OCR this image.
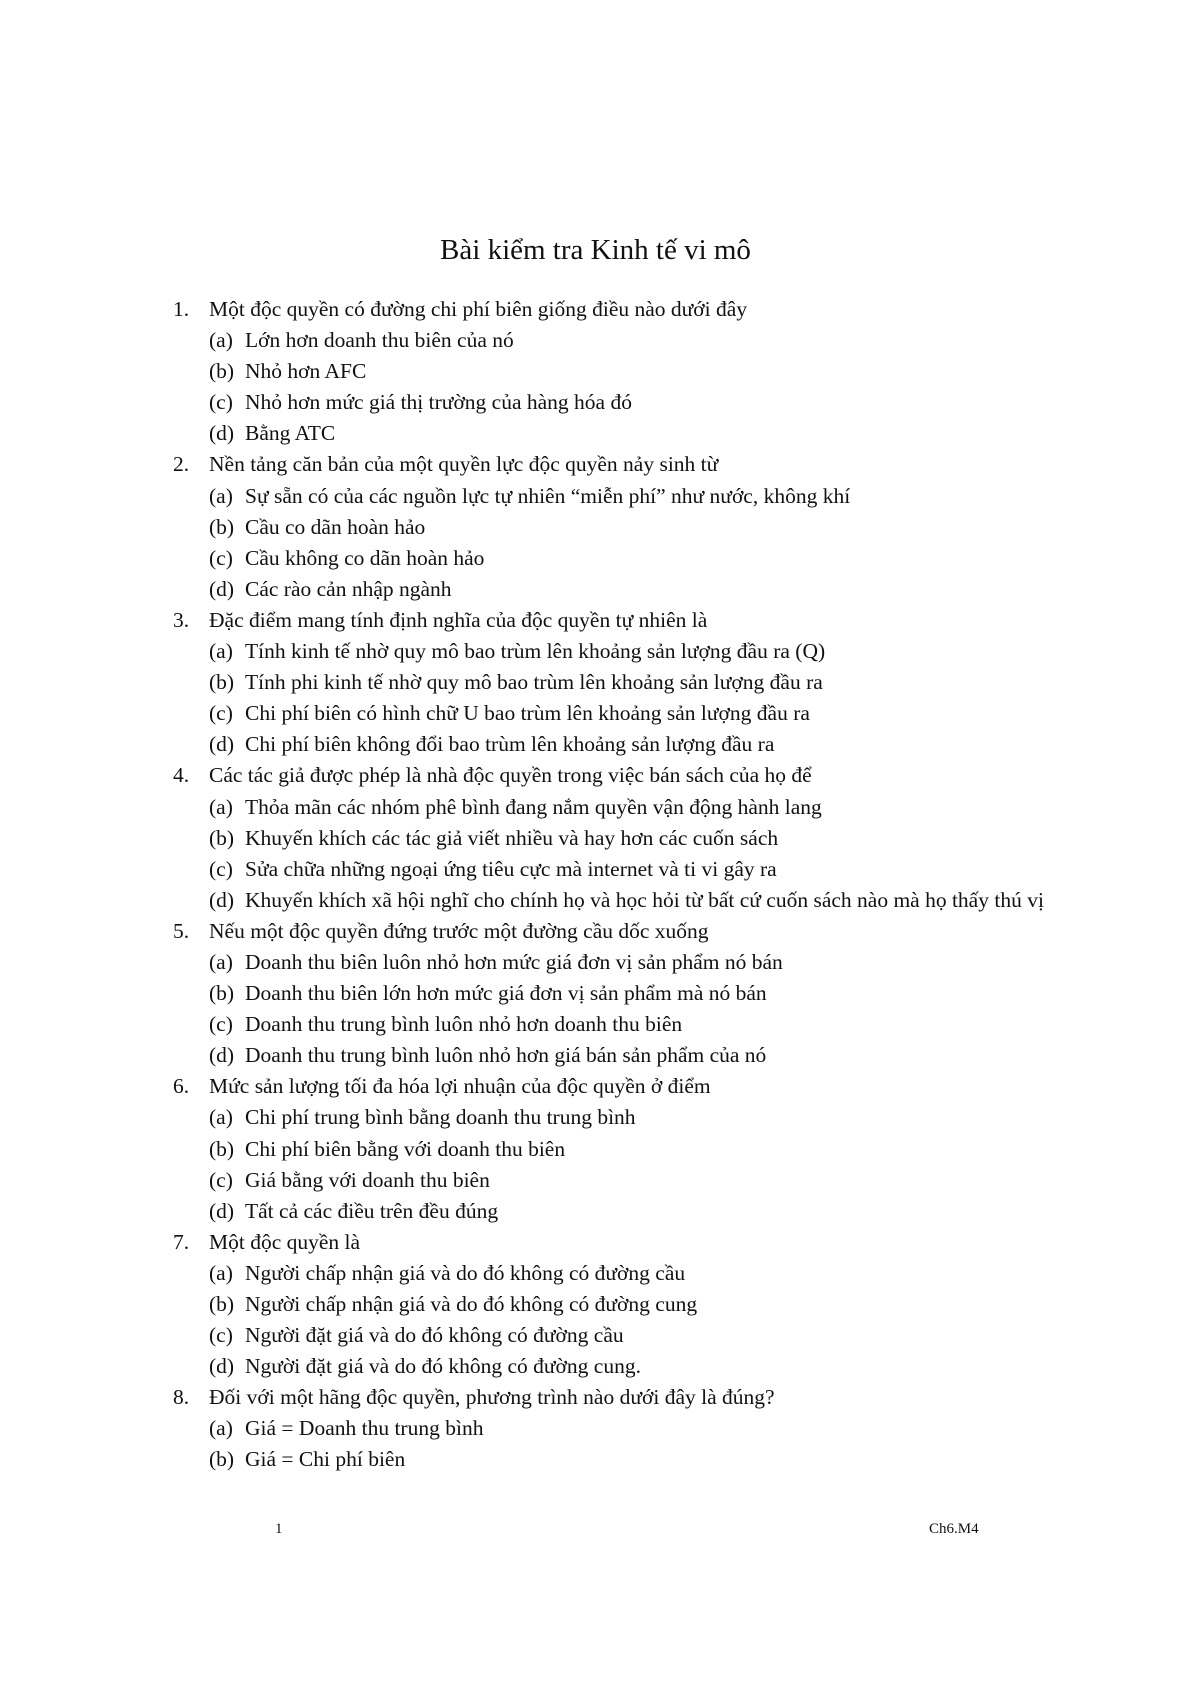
Bài kiểm tra Kinh tế vi mô
1. Một độc quyền có đường chi phí biên giống điều nào dưới đây
(a) Lớn hơn doanh thu biên của nó
(b) Nhỏ hơn AFC
(c) Nhỏ hơn mức giá thị trường của hàng hóa đó
(d) Bằng ATC
2. Nền tảng căn bản của một quyền lực độc quyền nảy sinh từ
(a) Sự sẵn có của các nguồn lực tự nhiên “miễn phí” như nước, không khí
(b) Cầu co dãn hoàn hảo
(c) Cầu không co dãn hoàn hảo
(d) Các rào cản nhập ngành
3. Đặc điểm mang tính định nghĩa của độc quyền tự nhiên là
(a) Tính kinh tế nhờ quy mô bao trùm lên khoảng sản lượng đầu ra (Q)
(b) Tính phi kinh tế nhờ quy mô bao trùm lên khoảng sản lượng đầu ra
(c) Chi phí biên có hình chữ U bao trùm lên khoảng sản lượng đầu ra
(d) Chi phí biên không đổi bao trùm lên khoảng sản lượng đầu ra
4. Các tác giả được phép là nhà độc quyền trong việc bán sách của họ để
(a) Thỏa mãn các nhóm phê bình đang nắm quyền vận động hành lang
(b) Khuyến khích các tác giả viết nhiều và hay hơn các cuốn sách
(c) Sửa chữa những ngoại ứng tiêu cực mà internet và ti vi gây ra
(d) Khuyến khích xã hội nghĩ cho chính họ và học hỏi từ bất cứ cuốn sách nào mà họ thấy thú vị
5. Nếu một độc quyền đứng trước một đường cầu dốc xuống
(a) Doanh thu biên luôn nhỏ hơn mức giá đơn vị sản phẩm nó bán
(b) Doanh thu biên lớn hơn mức giá đơn vị sản phẩm mà nó bán
(c) Doanh thu trung bình luôn nhỏ hơn doanh thu biên
(d) Doanh thu trung bình luôn nhỏ hơn giá bán sản phẩm của nó
6. Mức sản lượng tối đa hóa lợi nhuận của độc quyền ở điểm
(a) Chi phí trung bình bằng doanh thu trung bình
(b) Chi phí biên bằng với doanh thu biên
(c) Giá bằng với doanh thu biên
(d) Tất cả các điều trên đều đúng
7. Một độc quyền là
(a) Người chấp nhận giá và do đó không có đường cầu
(b) Người chấp nhận giá và do đó không có đường cung
(c) Người đặt giá và do đó không có đường cầu
(d) Người đặt giá và do đó không có đường cung.
8. Đối với một hãng độc quyền, phương trình nào dưới đây là đúng?
(a) Giá = Doanh thu trung bình
(b) Giá = Chi phí biên
1	Ch6.M4
